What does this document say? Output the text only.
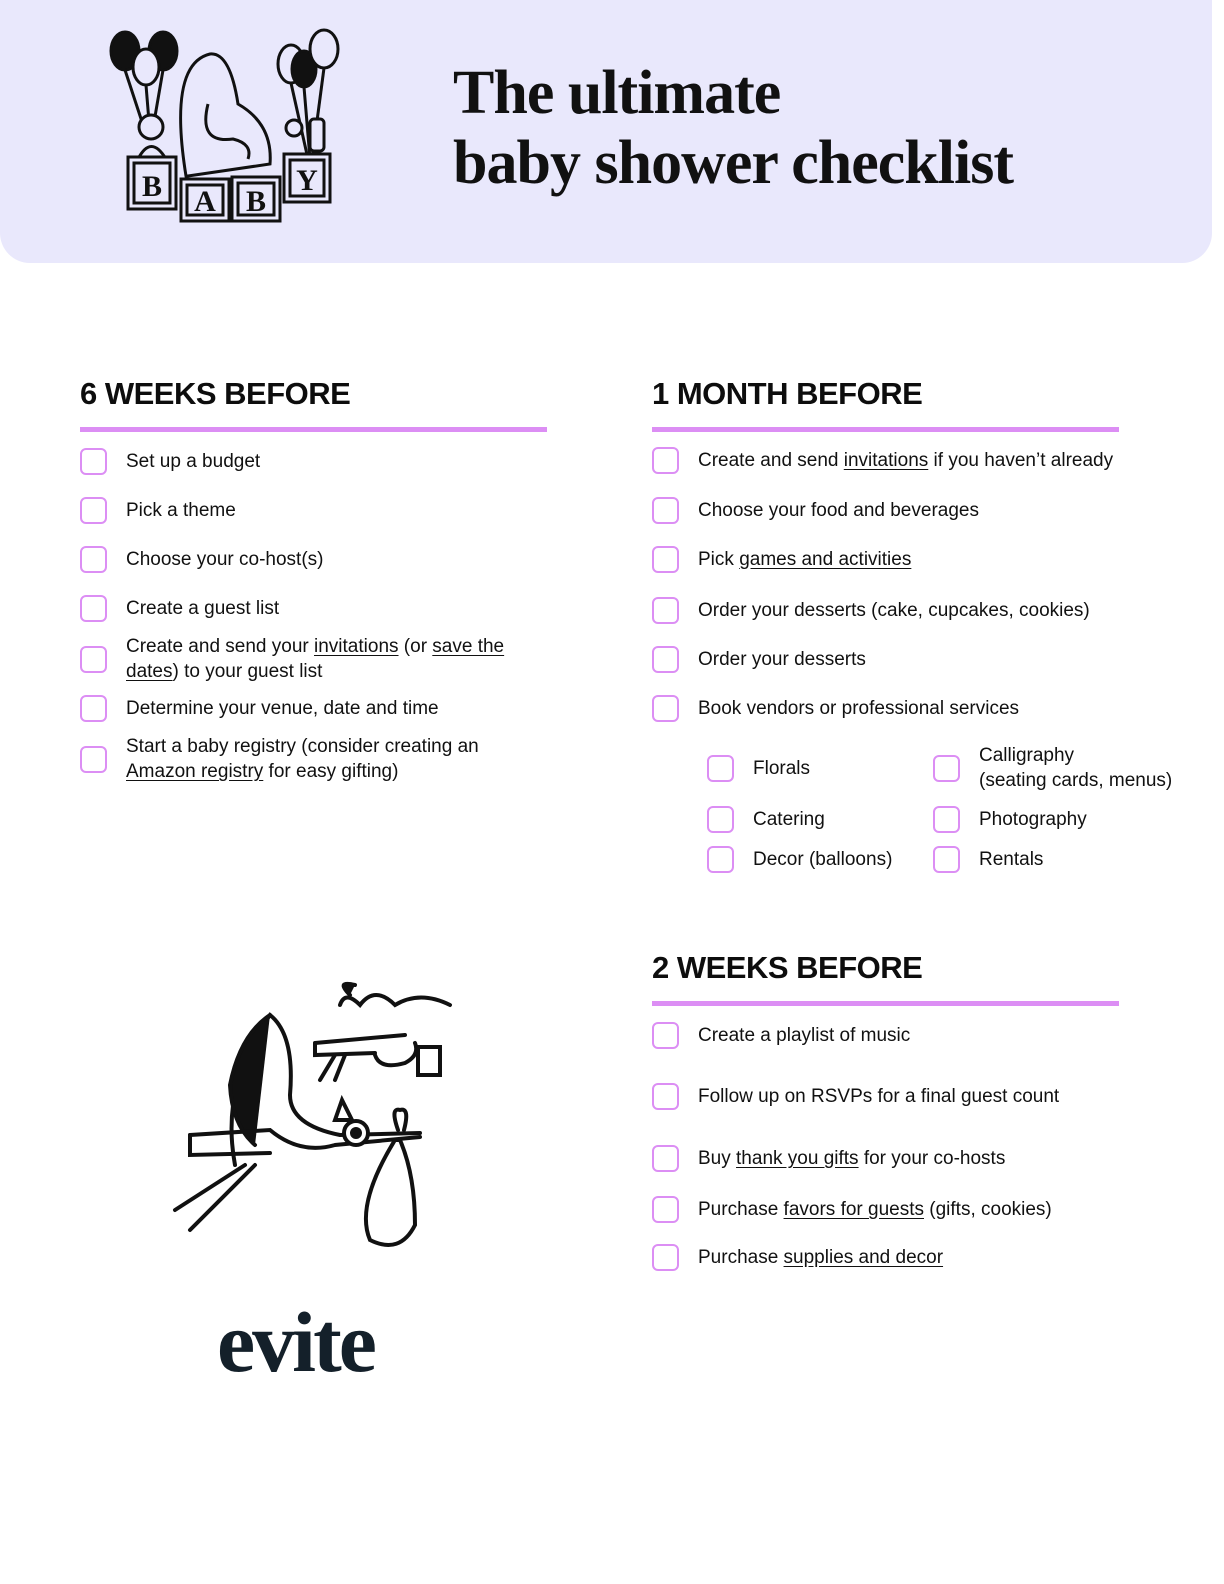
B A B
Y
The ultimate
baby shower checklist
6 WEEKS BEFORE
Set up a budget
Pick a theme
Choose your co-host(s)
Create a guest list
Create and send your invitations (or save the dates) to your guest list
Determine your venue, date and time
Start a baby registry (consider creating an Amazon registry for easy gifting)
1 MONTH BEFORE
Create and send invitations if you haven’t already
Choose your food and beverages
Pick games and activities
Order your desserts (cake, cupcakes, cookies)
Order your desserts
Book vendors or professional services
Florals
Calligraphy
(seating cards, menus)
Catering	Photography
Decor (balloons)	Rentals
2 WEEKS BEFORE
Create a playlist of music
Follow up on RSVPs for a final guest count
Buy thank you gifts for your co-hosts
Purchase favors for guests (gifts, cookies)
Purchase supplies and decor
evite
